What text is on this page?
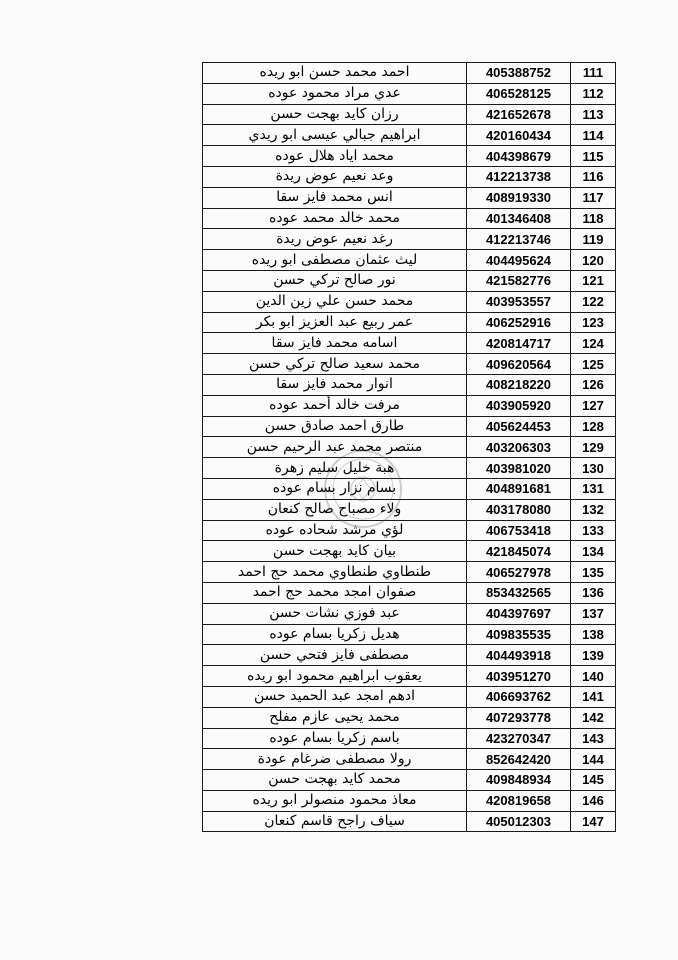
احمد محمد حسن ابو ريده	405388752	111
عدي مراد محمود عوده	406528125	112
رزان كايد بهجت حسن	421652678	113
ابراهيم جبالي عيسى ابو ريدي	420160434	114
محمد اياد هلال عوده	404398679	115
وعد نعيم عوض ريدة	412213738	116
انس محمد فايز سقا	408919330	117
محمد خالد محمد عوده	401346408	118
رغد نعيم عوض ريدة	412213746	119
ليث عثمان مصطفى ابو ريده	404495624	120
نور صالح تركي حسن	421582776	121
محمد حسن علي زين الدين	403953557	122
عمر ربيع عبد العزيز ابو بكر	406252916	123
اسامه محمد فايز سقا	420814717	124
محمد سعيد صالح تركي حسن	409620564	125
انوار محمد فايز سقا	408218220	126
مرفت خالد أحمد عوده	403905920	127
طارق احمد صادق حسن	405624453	128
منتصر محمد عبد الرحيم حسن	403206303	129
هبة خليل سليم زهرة	403981020	130
بسام نزار بسام عوده	404891681	131
ولاء مصباح صالح كنعان	403178080	132
لؤي مرشد شحاده عوده	406753418	133
بيان كايد بهجت حسن	421845074	134
طنطاوي طنطاوي محمد حج احمد	406527978	135
صفوان امجد محمد حج احمد	853432565	136
عبد فوزي نشات حسن	404397697	137
هديل زكريا بسام عوده	409835535	138
مصطفى فايز فتحي حسن	404493918	139
يعقوب ابراهيم محمود ابو ريده	403951270	140
ادهم امجد عبد الحميد حسن	406693762	141
محمد يحيى عازم مفلح	407293778	142
باسم زكريا بسام عوده	423270347	143
رولا مصطفى ضرغام عودة	852642420	144
محمد كايد بهجت حسن	409848934	145
معاذ محمود منصولر ابو ريده	420819658	146
سياف راجح قاسم كنعان	405012303	147
